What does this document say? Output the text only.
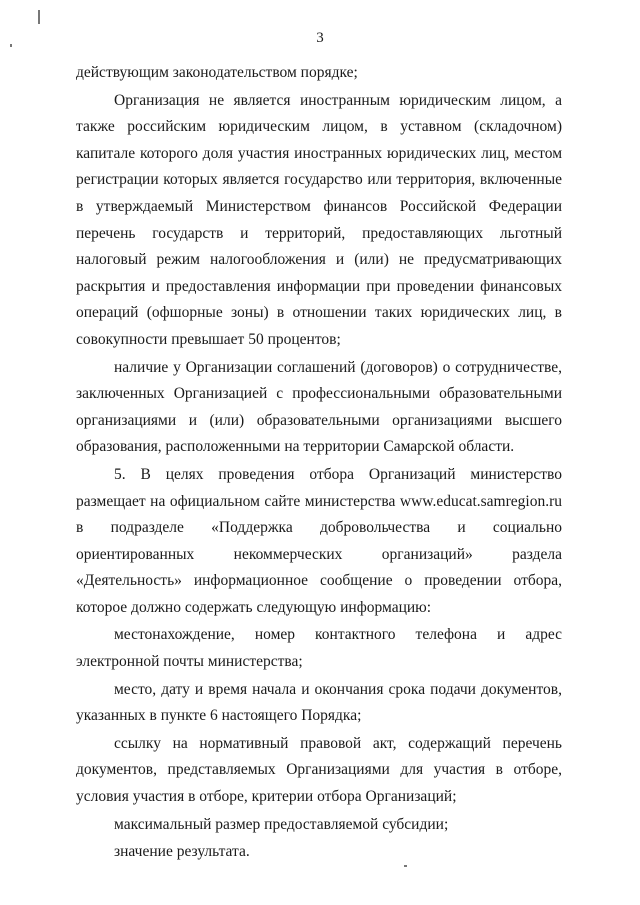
3

действующим законодательством порядке;

Организация не является иностранным юридическим лицом, а также российским юридическим лицом, в уставном (складочном) капитале которого доля участия иностранных юридических лиц, местом регистрации которых является государство или территория, включенные в утверждаемый Министерством финансов Российской Федерации перечень государств и территорий, предоставляющих льготный налоговый режим налогообложения и (или) не предусматривающих раскрытия и предоставления информации при проведении финансовых операций (офшорные зоны) в отношении таких юридических лиц, в совокупности превышает 50 процентов;

наличие у Организации соглашений (договоров) о сотрудничестве, заключенных Организацией с профессиональными образовательными организациями и (или) образовательными организациями высшего образования, расположенными на территории Самарской области.

5. В целях проведения отбора Организаций министерство размещает на официальном сайте министерства www.educat.samregion.ru в подразделе «Поддержка добровольчества и социально ориентированных некоммерческих организаций» раздела «Деятельность» информационное сообщение о проведении отбора, которое должно содержать следующую информацию:

местонахождение, номер контактного телефона и адрес электронной почты министерства;

место, дату и время начала и окончания срока подачи документов, указанных в пункте 6 настоящего Порядка;

ссылку на нормативный правовой акт, содержащий перечень документов, представляемых Организациями для участия в отборе, условия участия в отборе, критерии отбора Организаций;

максимальный размер предоставляемой субсидии;

значение результата.
